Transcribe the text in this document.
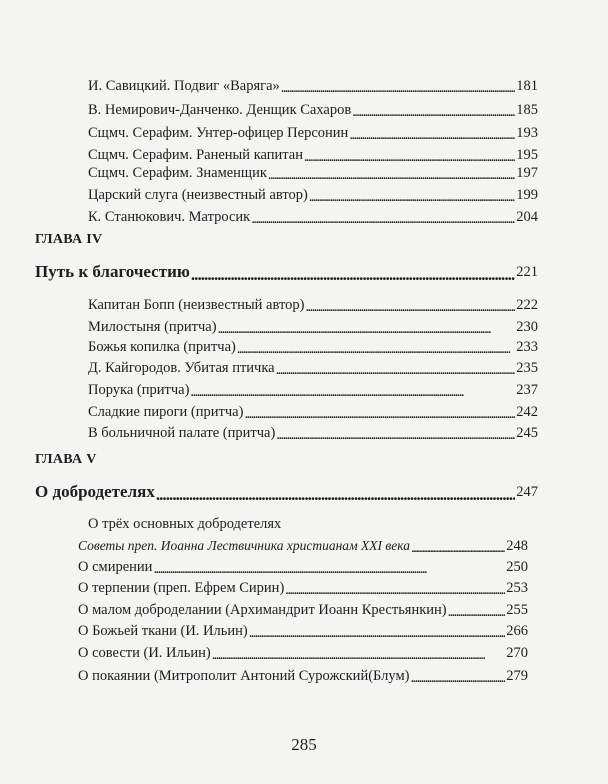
И. Савицкий. Подвиг «Варяга» . . .	181
В. Немирович-Данченко. Денщик Сахаров . . .	185
Сщмч. Серафим. Унтер-офицер Персонин . . .	193
Сщмч. Серафим. Раненый капитан . . .	195
Сщмч. Серафим. Знаменщик . . .	197
Царский слуга (неизвестный автор) . . .	199
К. Станюкович. Матросик . . .	204
ГЛАВА IV
Путь к благочестию . . .	221
Капитан Бопп (неизвестный автор) . . .	222
Милостыня (притча) . . .	230
Божья копилка (притча) . . .	233
Д. Кайгородов. Убитая птичка . . .	235
Порука (притча) . . .	237
Сладкие пироги (притча) . . .	242
В больничной палате (притча) . . .	245
ГЛАВА V
О добродетелях . . .	247
О трёх основных добродетелях
Советы преп. Иоанна Лествичника христианам XXI века . . .	248
О смирении . . .	250
О терпении (преп. Ефрем Сирин) . . .	253
О малом доброделании (Архимандрит Иоанн Крестьянкин) . . .	255
О Божьей ткани (И. Ильин) . . .	266
О совести (И. Ильин) . . .	270
О покаянии (Митрополит Антоний Сурожский(Блум) . . .	279
285
